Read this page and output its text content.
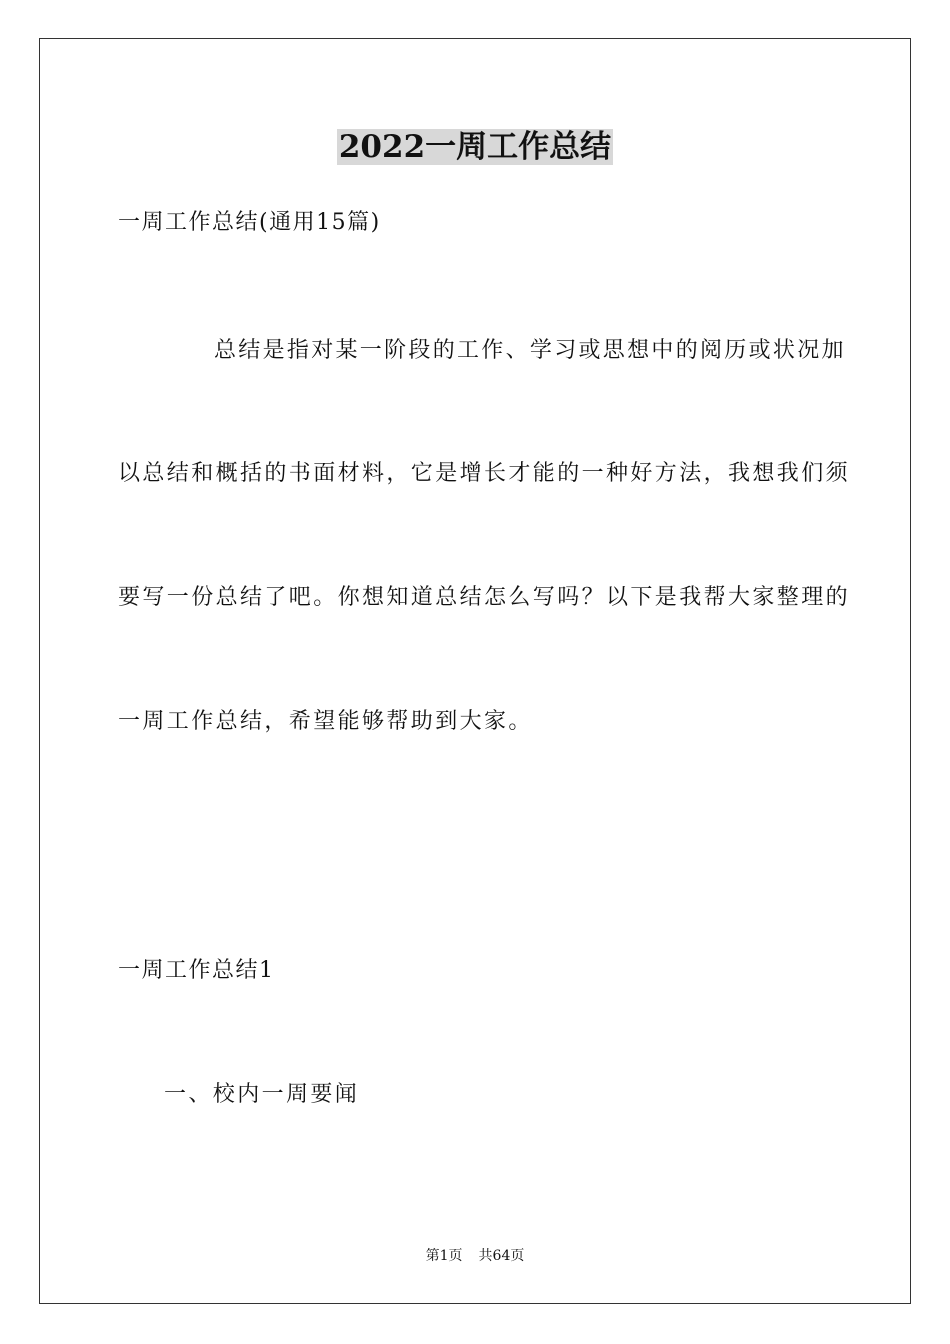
2022一周工作总结
一周工作总结(通用15篇)
总结是指对某一阶段的工作、学习或思想中的阅历或状况加
以总结和概括的书面材料，它是增长才能的一种好方法，我想我们须
要写一份总结了吧。你想知道总结怎么写吗？以下是我帮大家整理的
一周工作总结，希望能够帮助到大家。
一周工作总结1
一、校内一周要闻
第1页 共64页
